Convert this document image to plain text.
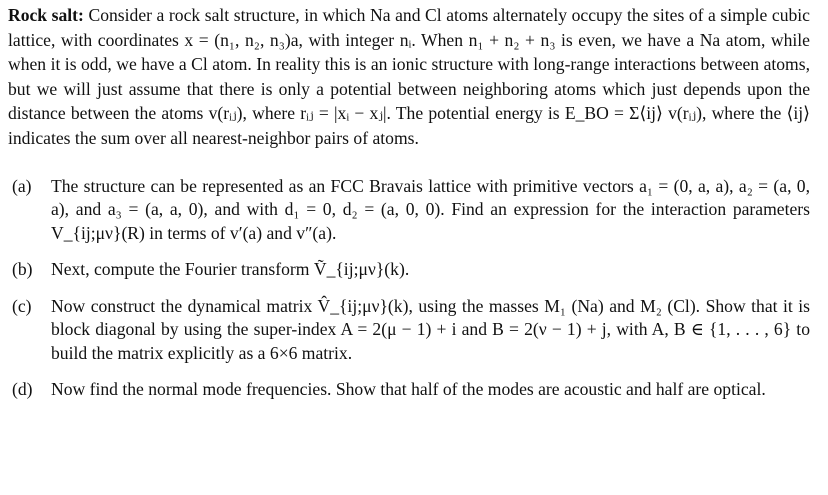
Rock salt: Consider a rock salt structure, in which Na and Cl atoms alternately occupy the sites of a simple cubic lattice, with coordinates x = (n₁, n₂, n₃)a, with integer nᵢ. When n₁ + n₂ + n₃ is even, we have a Na atom, while when it is odd, we have a Cl atom. In reality this is an ionic structure with long-range interactions between atoms, but we will just assume that there is only a potential between neighboring atoms which just depends upon the distance between the atoms v(rᵢⱼ), where rᵢⱼ = |xᵢ − xⱼ|. The potential energy is E_BO = Σ⟨ij⟩ v(rᵢⱼ), where the ⟨ij⟩ indicates the sum over all nearest-neighbor pairs of atoms.

(a) The structure can be represented as an FCC Bravais lattice with primitive vectors a₁ = (0, a, a), a₂ = (a, 0, a), and a₃ = (a, a, 0), and with d₁ = 0, d₂ = (a, 0, 0). Find an expression for the interaction parameters V_{ij;μν}(R) in terms of v′(a) and v″(a).
(b) Next, compute the Fourier transform Ṽ_{ij;μν}(k).
(c) Now construct the dynamical matrix V̂_{ij;μν}(k), using the masses M₁ (Na) and M₂ (Cl). Show that it is block diagonal by using the super-index A = 2(μ − 1) + i and B = 2(ν − 1) + j, with A, B ∈ {1, . . . , 6} to build the matrix explicitly as a 6×6 matrix.
(d) Now find the normal mode frequencies. Show that half of the modes are acoustic and half are optical.
